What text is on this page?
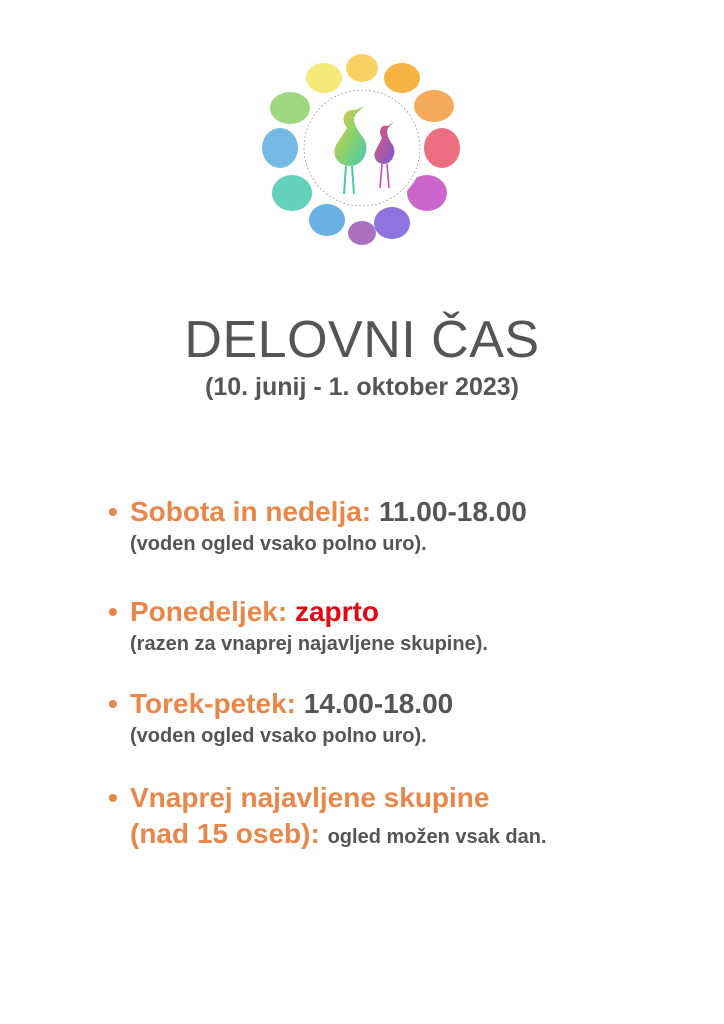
DELOVNI ČAS
(10. junij - 1. oktober 2023)
• Sobota in nedelja: 11.00-18.00
(voden ogled vsako polno uro).
• Ponedeljek: zaprto
(razen za vnaprej najavljene skupine).
• Torek-petek: 14.00-18.00
(voden ogled vsako polno uro).
• Vnaprej najavljene skupine
(nad 15 oseb): ogled možen vsak dan.
